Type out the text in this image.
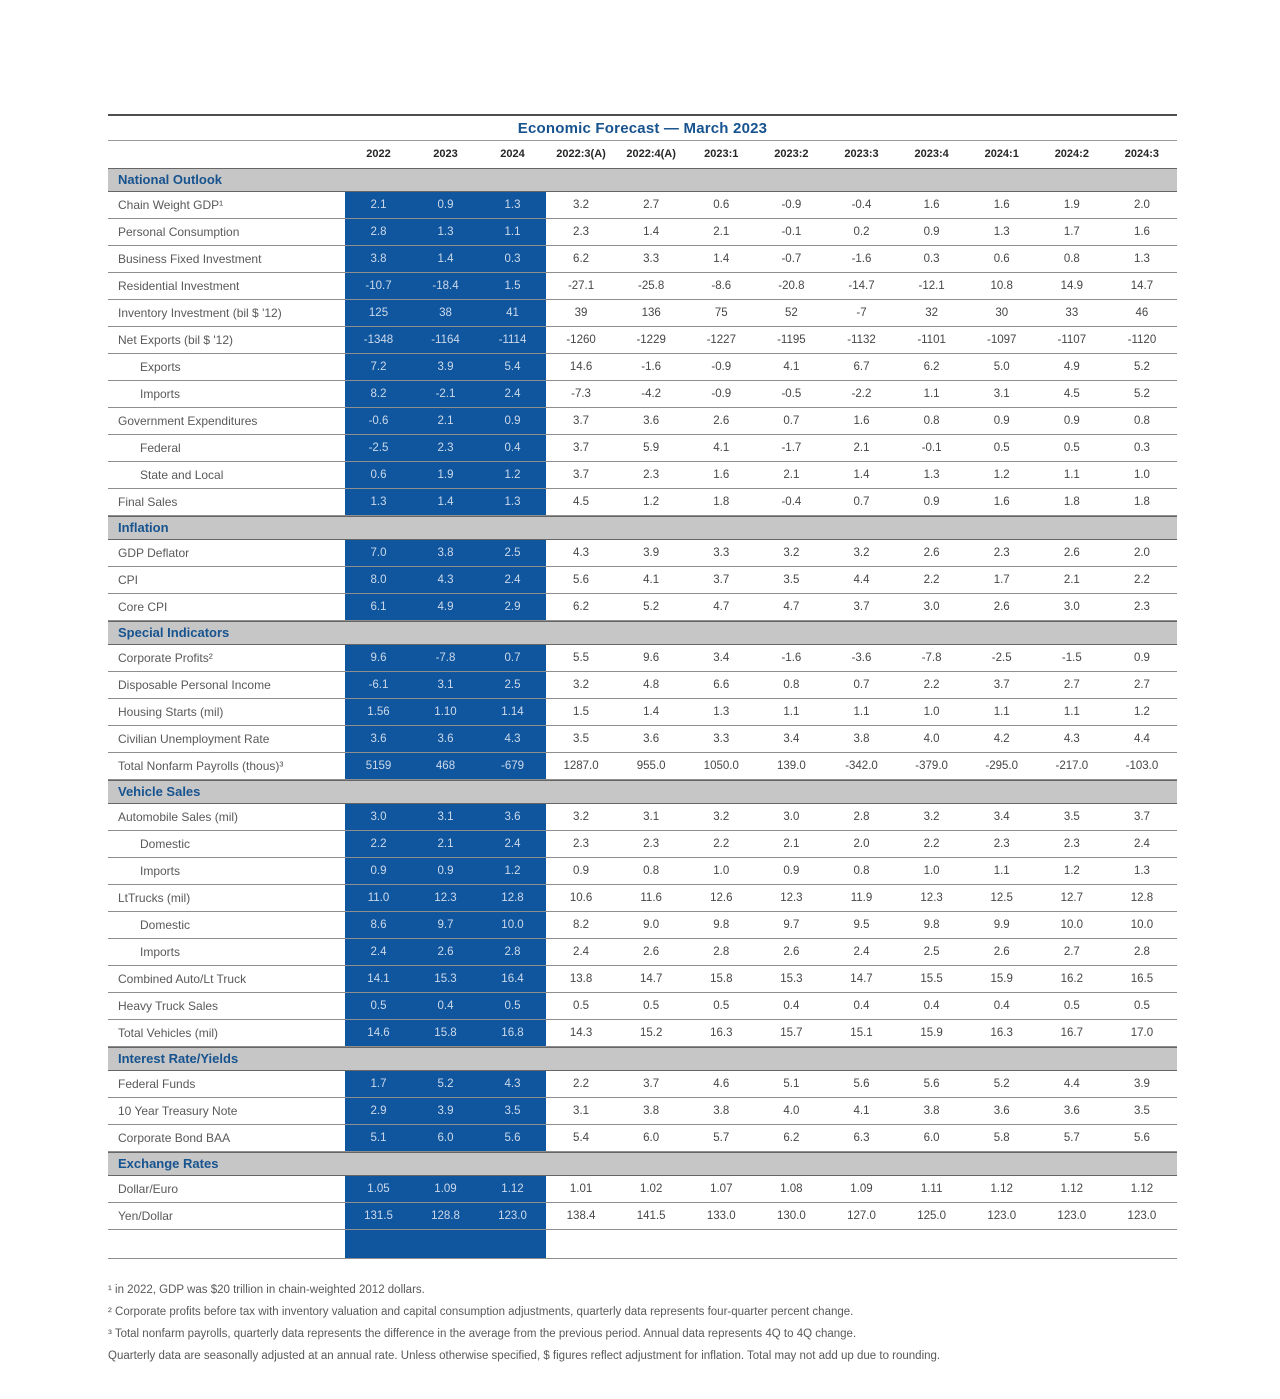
Economic Forecast — March 2023
2022	2023	2024	2022:3(A)	2022:4(A)	2023:1	2023:2	2023:3	2023:4	2024:1	2024:2	2024:3
National Outlook
Chain Weight GDP¹	2.1	0.9	1.3	3.2	2.7	0.6	-0.9	-0.4	1.6	1.6	1.9	2.0
Personal Consumption	2.8	1.3	1.1	2.3	1.4	2.1	-0.1	0.2	0.9	1.3	1.7	1.6
Business Fixed Investment	3.8	1.4	0.3	6.2	3.3	1.4	-0.7	-1.6	0.3	0.6	0.8	1.3
Residential Investment	-10.7	-18.4	1.5	-27.1	-25.8	-8.6	-20.8	-14.7	-12.1	10.8	14.9	14.7
Inventory Investment (bil $ '12)	125	38	41	39	136	75	52	-7	32	30	33	46
Net Exports (bil $ '12)	-1348	-1164	-1114	-1260	-1229	-1227	-1195	-1132	-1101	-1097	-1107	-1120
Exports	7.2	3.9	5.4	14.6	-1.6	-0.9	4.1	6.7	6.2	5.0	4.9	5.2
Imports	8.2	-2.1	2.4	-7.3	-4.2	-0.9	-0.5	-2.2	1.1	3.1	4.5	5.2
Government Expenditures	-0.6	2.1	0.9	3.7	3.6	2.6	0.7	1.6	0.8	0.9	0.9	0.8
Federal	-2.5	2.3	0.4	3.7	5.9	4.1	-1.7	2.1	-0.1	0.5	0.5	0.3
State and Local	0.6	1.9	1.2	3.7	2.3	1.6	2.1	1.4	1.3	1.2	1.1	1.0
Final Sales	1.3	1.4	1.3	4.5	1.2	1.8	-0.4	0.7	0.9	1.6	1.8	1.8
Inflation
GDP Deflator	7.0	3.8	2.5	4.3	3.9	3.3	3.2	3.2	2.6	2.3	2.6	2.0
CPI	8.0	4.3	2.4	5.6	4.1	3.7	3.5	4.4	2.2	1.7	2.1	2.2
Core CPI	6.1	4.9	2.9	6.2	5.2	4.7	4.7	3.7	3.0	2.6	3.0	2.3
Special Indicators
Corporate Profits²	9.6	-7.8	0.7	5.5	9.6	3.4	-1.6	-3.6	-7.8	-2.5	-1.5	0.9
Disposable Personal Income	-6.1	3.1	2.5	3.2	4.8	6.6	0.8	0.7	2.2	3.7	2.7	2.7
Housing Starts (mil)	1.56	1.10	1.14	1.5	1.4	1.3	1.1	1.1	1.0	1.1	1.1	1.2
Civilian Unemployment Rate	3.6	3.6	4.3	3.5	3.6	3.3	3.4	3.8	4.0	4.2	4.3	4.4
Total Nonfarm Payrolls (thous)³	5159	468	-679	1287.0	955.0	1050.0	139.0	-342.0	-379.0	-295.0	-217.0	-103.0
Vehicle Sales
Automobile Sales (mil)	3.0	3.1	3.6	3.2	3.1	3.2	3.0	2.8	3.2	3.4	3.5	3.7
Domestic	2.2	2.1	2.4	2.3	2.3	2.2	2.1	2.0	2.2	2.3	2.3	2.4
Imports	0.9	0.9	1.2	0.9	0.8	1.0	0.9	0.8	1.0	1.1	1.2	1.3
LtTrucks (mil)	11.0	12.3	12.8	10.6	11.6	12.6	12.3	11.9	12.3	12.5	12.7	12.8
Domestic	8.6	9.7	10.0	8.2	9.0	9.8	9.7	9.5	9.8	9.9	10.0	10.0
Imports	2.4	2.6	2.8	2.4	2.6	2.8	2.6	2.4	2.5	2.6	2.7	2.8
Combined Auto/Lt Truck	14.1	15.3	16.4	13.8	14.7	15.8	15.3	14.7	15.5	15.9	16.2	16.5
Heavy Truck Sales	0.5	0.4	0.5	0.5	0.5	0.5	0.4	0.4	0.4	0.4	0.5	0.5
Total Vehicles (mil)	14.6	15.8	16.8	14.3	15.2	16.3	15.7	15.1	15.9	16.3	16.7	17.0
Interest Rate/Yields
Federal Funds	1.7	5.2	4.3	2.2	3.7	4.6	5.1	5.6	5.6	5.2	4.4	3.9
10 Year Treasury Note	2.9	3.9	3.5	3.1	3.8	3.8	4.0	4.1	3.8	3.6	3.6	3.5
Corporate Bond BAA	5.1	6.0	5.6	5.4	6.0	5.7	6.2	6.3	6.0	5.8	5.7	5.6
Exchange Rates
Dollar/Euro	1.05	1.09	1.12	1.01	1.02	1.07	1.08	1.09	1.11	1.12	1.12	1.12
Yen/Dollar	131.5	128.8	123.0	138.4	141.5	133.0	130.0	127.0	125.0	123.0	123.0	123.0

¹ in 2022, GDP was $20 trillion in chain-weighted 2012 dollars.

² Corporate profits before tax with inventory valuation and capital consumption adjustments, quarterly data represents four-quarter percent change.

³ Total nonfarm payrolls, quarterly data represents the difference in the average from the previous period. Annual data represents 4Q to 4Q change.

Quarterly data are seasonally adjusted at an annual rate. Unless otherwise specified, $ figures reflect adjustment for inflation. Total may not add up due to rounding.
